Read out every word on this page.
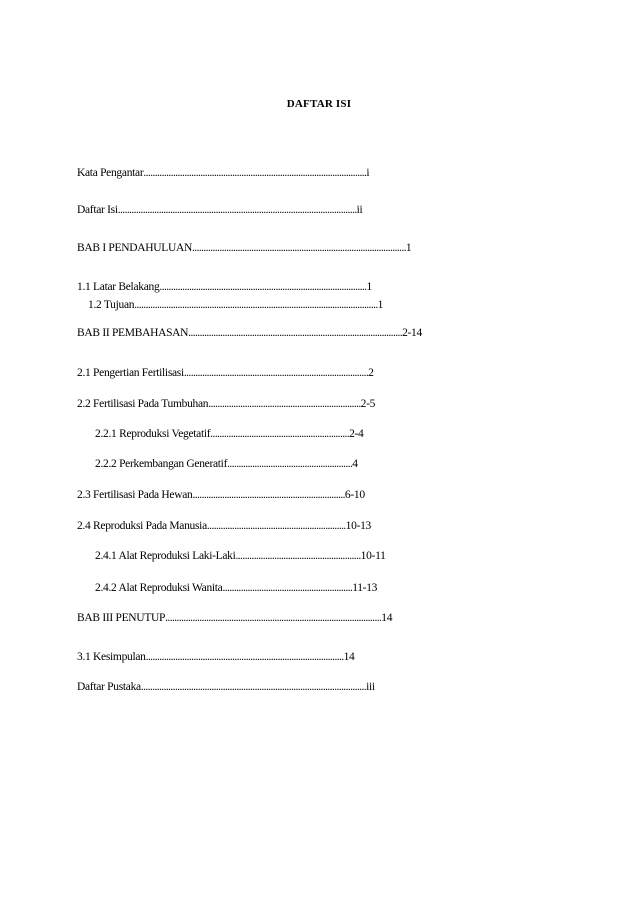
DAFTAR ISI
Kata Pengantar..................................................................................................i
Daftar Isi.........................................................................................................ii
BAB I PENDAHULUAN..............................................................................................1
1.1 Latar Belakang...........................................................................................1
1.2 Tujuan...........................................................................................................1
BAB II PEMBAHASAN..............................................................................................2-14
2.1 Pengertian Fertilisasi.................................................................................2
2.2 Fertilisasi Pada Tumbuhan...................................................................2-5
2.2.1 Reproduksi Vegetatif.............................................................2-4
2.2.2 Perkembangan Generatif.......................................................4
2.3 Fertilisasi Pada Hewan...................................................................6-10
2.4 Reproduksi Pada Manusia.............................................................10-13
2.4.1 Alat Reproduksi Laki-Laki.......................................................10-11
2.4.2 Alat Reproduksi Wanita.........................................................11-13
BAB III PENUTUP...............................................................................................14
3.1 Kesimpulan.......................................................................................14
Daftar Pustaka...................................................................................................iii
